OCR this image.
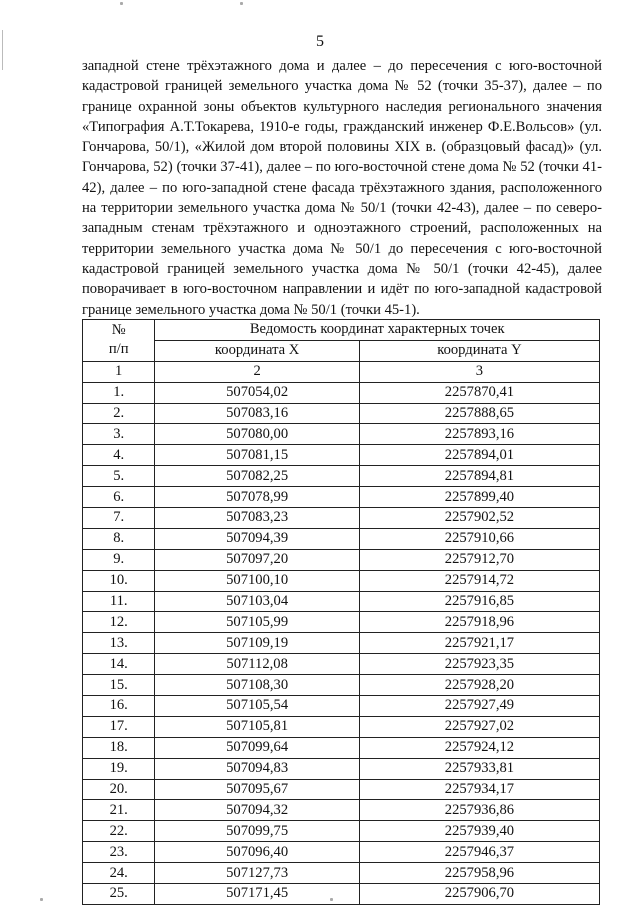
5

западной стене трёхэтажного дома и далее – до пересечения с юго-восточной кадастровой границей земельного участка дома № 52 (точки 35-37), далее – по границе охранной зоны объектов культурного наследия регионального значения «Типография А.Т.Токарева, 1910-е годы, гражданский инженер Ф.Е.Вольсов» (ул. Гончарова, 50/1), «Жилой дом второй половины XIX в. (образцовый фасад)» (ул. Гончарова, 52) (точки 37-41), далее – по юго-восточной стене дома № 52 (точки 41-42), далее – по юго-западной стене фасада трёхэтажного здания, расположенного на территории земельного участка дома № 50/1 (точки 42-43), далее – по северо-западным стенам трёхэтажного и одноэтажного строений, расположенных на территории земельного участка дома № 50/1 до пересечения с юго-восточной кадастровой границей земельного участка дома № 50/1 (точки 42-45), далее поворачивает в юго-восточном направлении и идёт по юго-западной кадастровой границе земельного участка дома № 50/1 (точки 45-1).

№
п/п	Ведомость координат характерных точек	
	координата X	координата Y
1	2	3
1.	507054,02	2257870,41
2.	507083,16	2257888,65
3.	507080,00	2257893,16
4.	507081,15	2257894,01
5.	507082,25	2257894,81
6.	507078,99	2257899,40
7.	507083,23	2257902,52
8.	507094,39	2257910,66
9.	507097,20	2257912,70
10.	507100,10	2257914,72
11.	507103,04	2257916,85
12.	507105,99	2257918,96
13.	507109,19	2257921,17
14.	507112,08	2257923,35
15.	507108,30	2257928,20
16.	507105,54	2257927,49
17.	507105,81	2257927,02
18.	507099,64	2257924,12
19.	507094,83	2257933,81
20.	507095,67	2257934,17
21.	507094,32	2257936,86
22.	507099,75	2257939,40
23.	507096,40	2257946,37
24.	507127,73	2257958,96
25.	507171,45	2257906,70
